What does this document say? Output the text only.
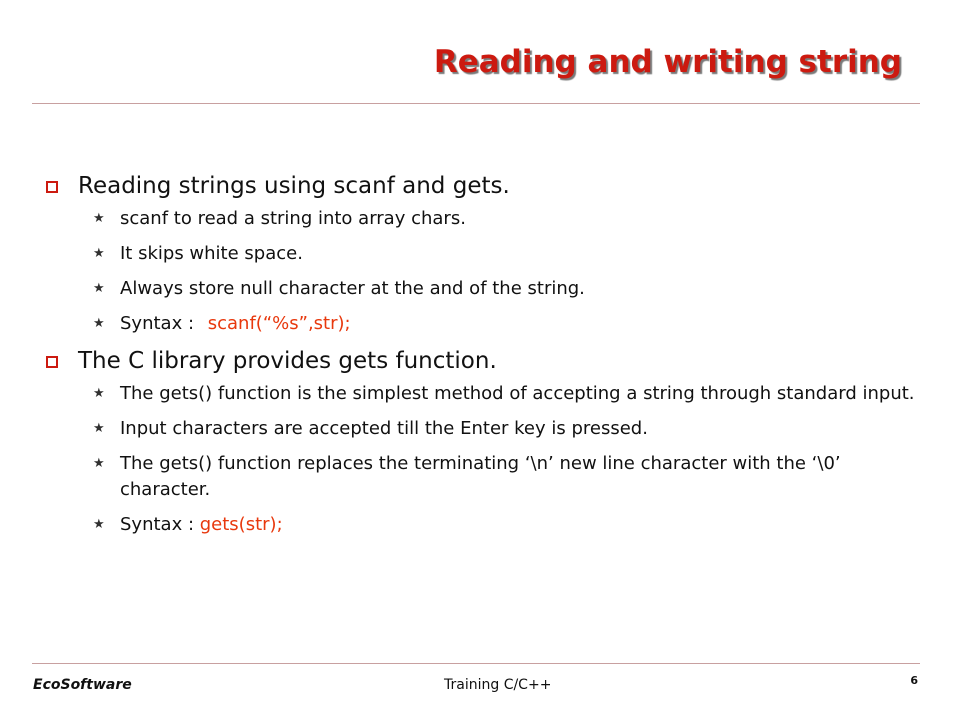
Reading and writing string
Reading strings using scanf and gets.
★ scanf to read a string into array chars.
★ It skips white space.
★ Always store null character at the and of the string.
★ Syntax : scanf(“%s”,str);
The C library provides gets function.
★ The gets() function is the simplest method of accepting a string through standard input.
★ Input characters are accepted till the Enter key is pressed.
★ The gets() function replaces the terminating ‘\n’ new line character with the ‘\0’ character.
★ Syntax : gets(str);
EcoSoftware	Training C/C++	6
